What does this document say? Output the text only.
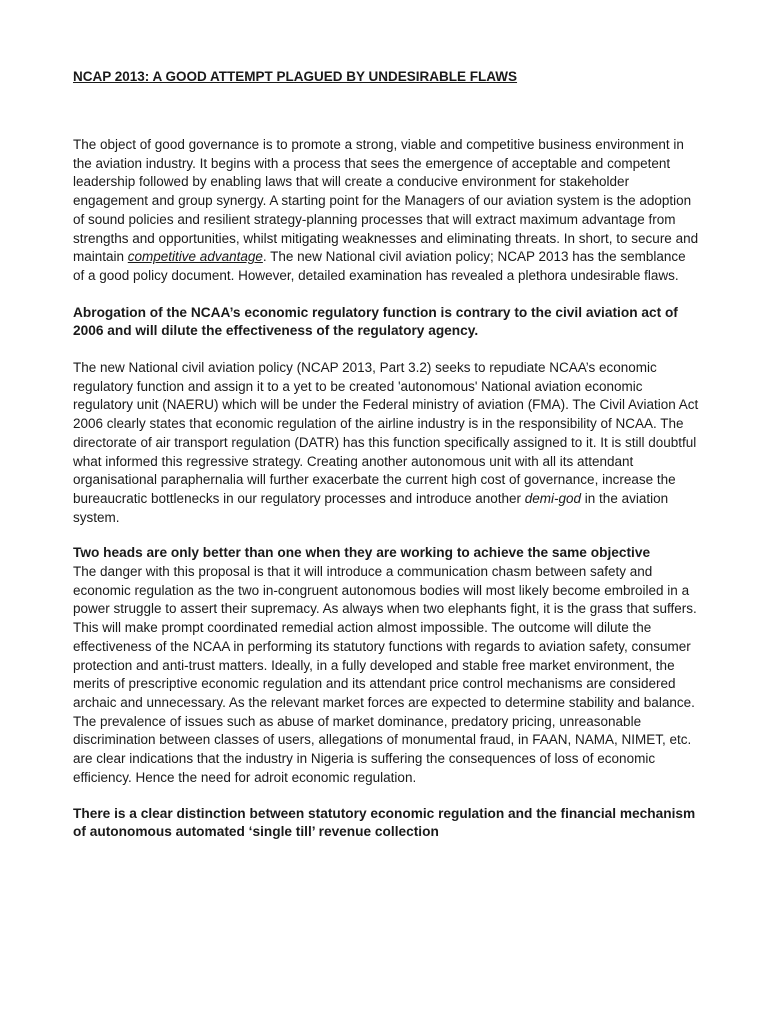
NCAP 2013: A GOOD ATTEMPT PLAGUED BY UNDESIRABLE FLAWS

The object of good governance is to promote a strong, viable and competitive business environment in the aviation industry. It begins with a process that sees the emergence of acceptable and competent leadership followed by enabling laws that will create a conducive environment for stakeholder engagement and group synergy. A starting point for the Managers of our aviation system is the adoption of sound policies and resilient strategy-planning processes that will extract maximum advantage from strengths and opportunities, whilst mitigating weaknesses and eliminating threats. In short, to secure and maintain competitive advantage. The new National civil aviation policy; NCAP 2013 has the semblance of a good policy document. However, detailed examination has revealed a plethora undesirable flaws.

Abrogation of the NCAA’s economic regulatory function is contrary to the civil aviation act of 2006 and will dilute the effectiveness of the regulatory agency.

The new National civil aviation policy (NCAP 2013, Part 3.2) seeks to repudiate NCAA’s economic regulatory function and assign it to a yet to be created 'autonomous' National aviation economic regulatory unit (NAERU) which will be under the Federal ministry of aviation (FMA). The Civil Aviation Act 2006 clearly states that economic regulation of the airline industry is in the responsibility of NCAA. The directorate of air transport regulation (DATR) has this function specifically assigned to it. It is still doubtful what informed this regressive strategy. Creating another autonomous unit with all its attendant organisational paraphernalia will further exacerbate the current high cost of governance, increase the bureaucratic bottlenecks in our regulatory processes and introduce another demi-god in the aviation system.

Two heads are only better than one when they are working to achieve the same objective

The danger with this proposal is that it will introduce a communication chasm between safety and economic regulation as the two in-congruent autonomous bodies will most likely become embroiled in a power struggle to assert their supremacy. As always when two elephants fight, it is the grass that suffers. This will make prompt coordinated remedial action almost impossible. The outcome will dilute the effectiveness of the NCAA in performing its statutory functions with regards to aviation safety, consumer protection and anti-trust matters. Ideally, in a fully developed and stable free market environment, the merits of prescriptive economic regulation and its attendant price control mechanisms are considered archaic and unnecessary. As the relevant market forces are expected to determine stability and balance. The prevalence of issues such as abuse of market dominance, predatory pricing, unreasonable discrimination between classes of users, allegations of monumental fraud, in FAAN, NAMA, NIMET, etc. are clear indications that the industry in Nigeria is suffering the consequences of loss of economic efficiency. Hence the need for adroit economic regulation.

There is a clear distinction between statutory economic regulation and the financial mechanism of autonomous automated ‘single till’ revenue collection
